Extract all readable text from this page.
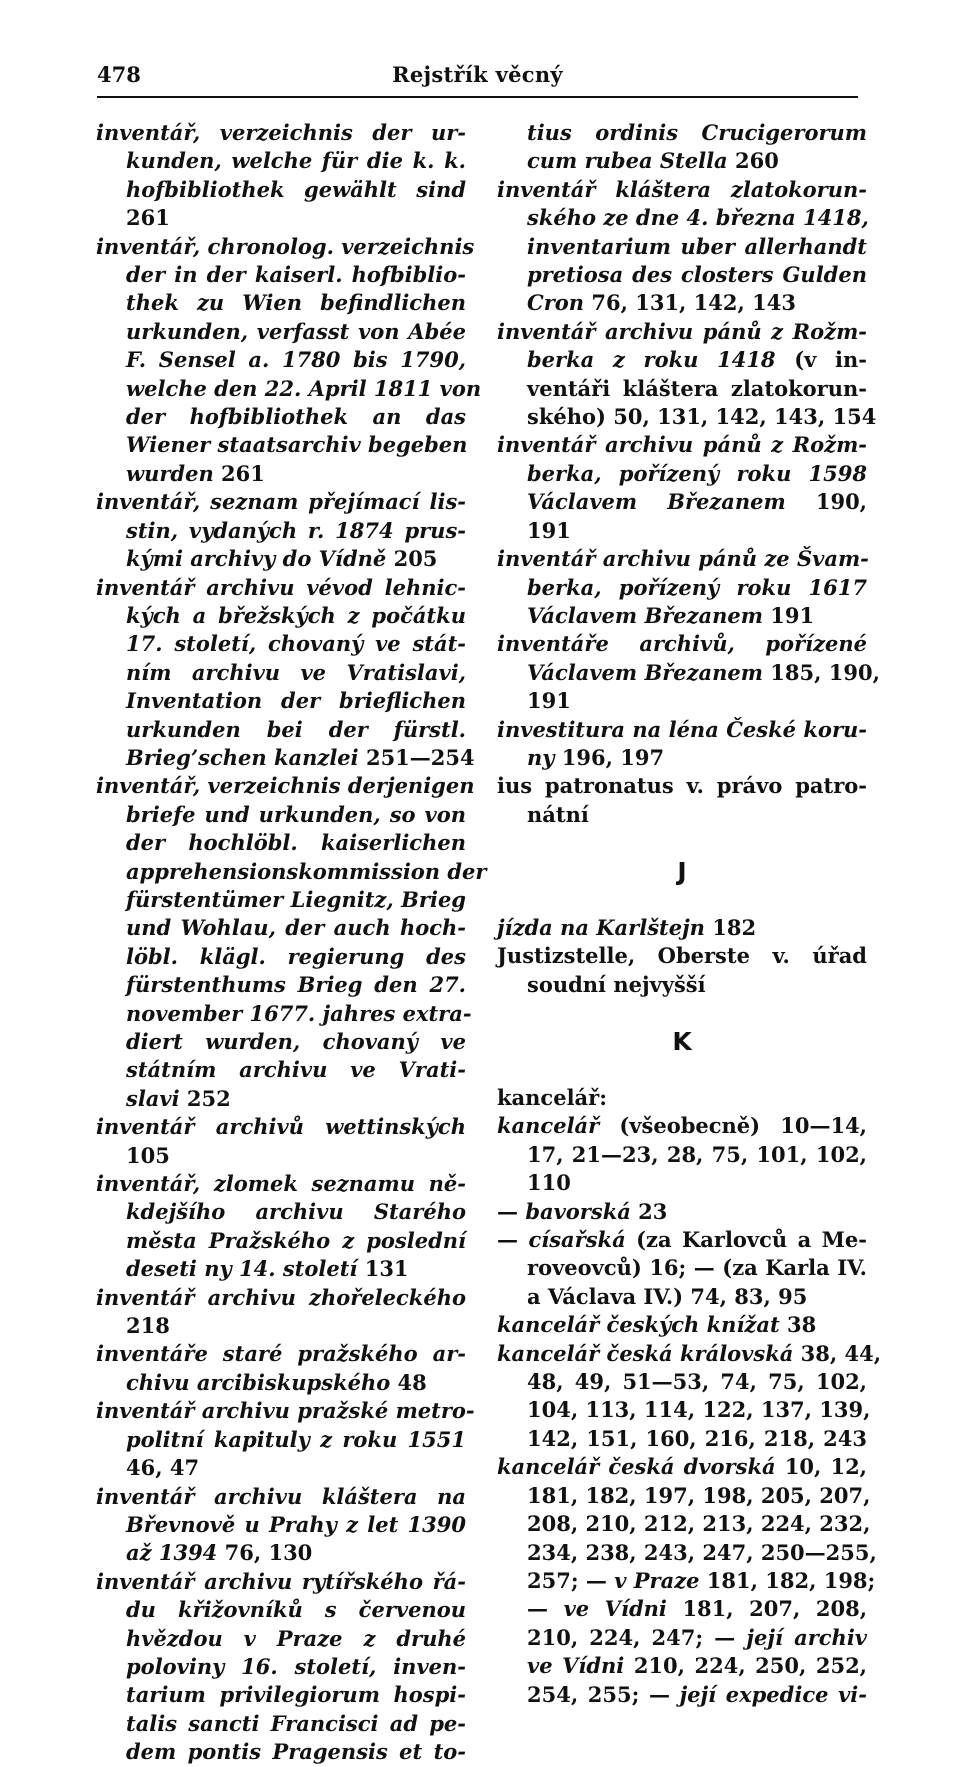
478	Rejstřík věcný
inventář, verzeichnis der ur-
kunden, welche für die k. k.
hofbibliothek gewählt sind
261
inventář, chronolog. verzeichnis
der in der kaiserl. hofbiblio-
thek zu Wien befindlichen
urkunden, verfasst von Abée
F. Sensel a. 1780 bis 1790,
welche den 22. April 1811 von
der hofbibliothek an das
Wiener staatsarchiv begeben
wurden 261
inventář, seznam přejímací lis-
stin, vydaných r. 1874 prus-
kými archivy do Vídně 205
inventář archivu vévod lehnic-
kých a břežských z počátku
17. století, chovaný ve stát-
ním archivu ve Vratislavi,
Inventation der brieflichen
urkunden bei der fürstl.
Brieg’schen kanzlei 251—254
inventář, verzeichnis derjenigen
briefe und urkunden, so von
der hochlöbl. kaiserlichen
apprehensionskommission der
fürstentümer Liegnitz, Brieg
und Wohlau, der auch hoch-
löbl. klägl. regierung des
fürstenthums Brieg den 27.
november 1677. jahres extra-
diert wurden, chovaný ve
státním archivu ve Vrati-
slavi 252
inventář archivů wettinských
105
inventář, zlomek seznamu ně-
kdejšího archivu Starého
města Pražského z poslední
deseti ny 14. století 131
inventář archivu zhořeleckého
218
inventáře staré pražského ar-
chivu arcibiskupského 48
inventář archivu pražské metro-
politní kapituly z roku 1551
46, 47
inventář archivu kláštera na
Břevnově u Prahy z let 1390
až 1394 76, 130
inventář archivu rytířského řá-
du křižovníků s červenou
hvězdou v Praze z druhé
poloviny 16. století, inven-
tarium privilegiorum hospi-
talis sancti Francisci ad pe-
dem pontis Pragensis et to-
tius ordinis Crucigerorum
cum rubea Stella 260
inventář kláštera zlatokorun-
ského ze dne 4. března 1418,
inventarium uber allerhandt
pretiosa des closters Gulden
Cron 76, 131, 142, 143
inventář archivu pánů z Rožm-
berka z roku 1418 (v in-
ventáři kláštera zlatokorun-
ského) 50, 131, 142, 143, 154
inventář archivu pánů z Rožm-
berka, pořízený roku 1598
Václavem Březanem 190,
191
inventář archivu pánů ze Švam-
berka, pořízený roku 1617
Václavem Březanem 191
inventáře archivů, pořízené
Václavem Březanem 185, 190,
191
investitura na léna České koru-
ny 196, 197
ius patronatus v. právo patro-
nátní

J

jízda na Karlštejn 182
Justizstelle, Oberste v. úřad
soudní nejvyšší

K

kancelář:
kancelář (všeobecně) 10—14,
17, 21—23, 28, 75, 101, 102,
110
— bavorská 23
— císařská (za Karlovců a Me-
roveovců) 16; — (za Karla IV.
a Václava IV.) 74, 83, 95
kancelář českých knížat 38
kancelář česká královská 38, 44,
48, 49, 51—53, 74, 75, 102,
104, 113, 114, 122, 137, 139,
142, 151, 160, 216, 218, 243
kancelář česká dvorská 10, 12,
181, 182, 197, 198, 205, 207,
208, 210, 212, 213, 224, 232,
234, 238, 243, 247, 250—255,
257; — v Praze 181, 182, 198;
— ve Vídni 181, 207, 208,
210, 224, 247; — její archiv
ve Vídni 210, 224, 250, 252,
254, 255; — její expedice vi-
